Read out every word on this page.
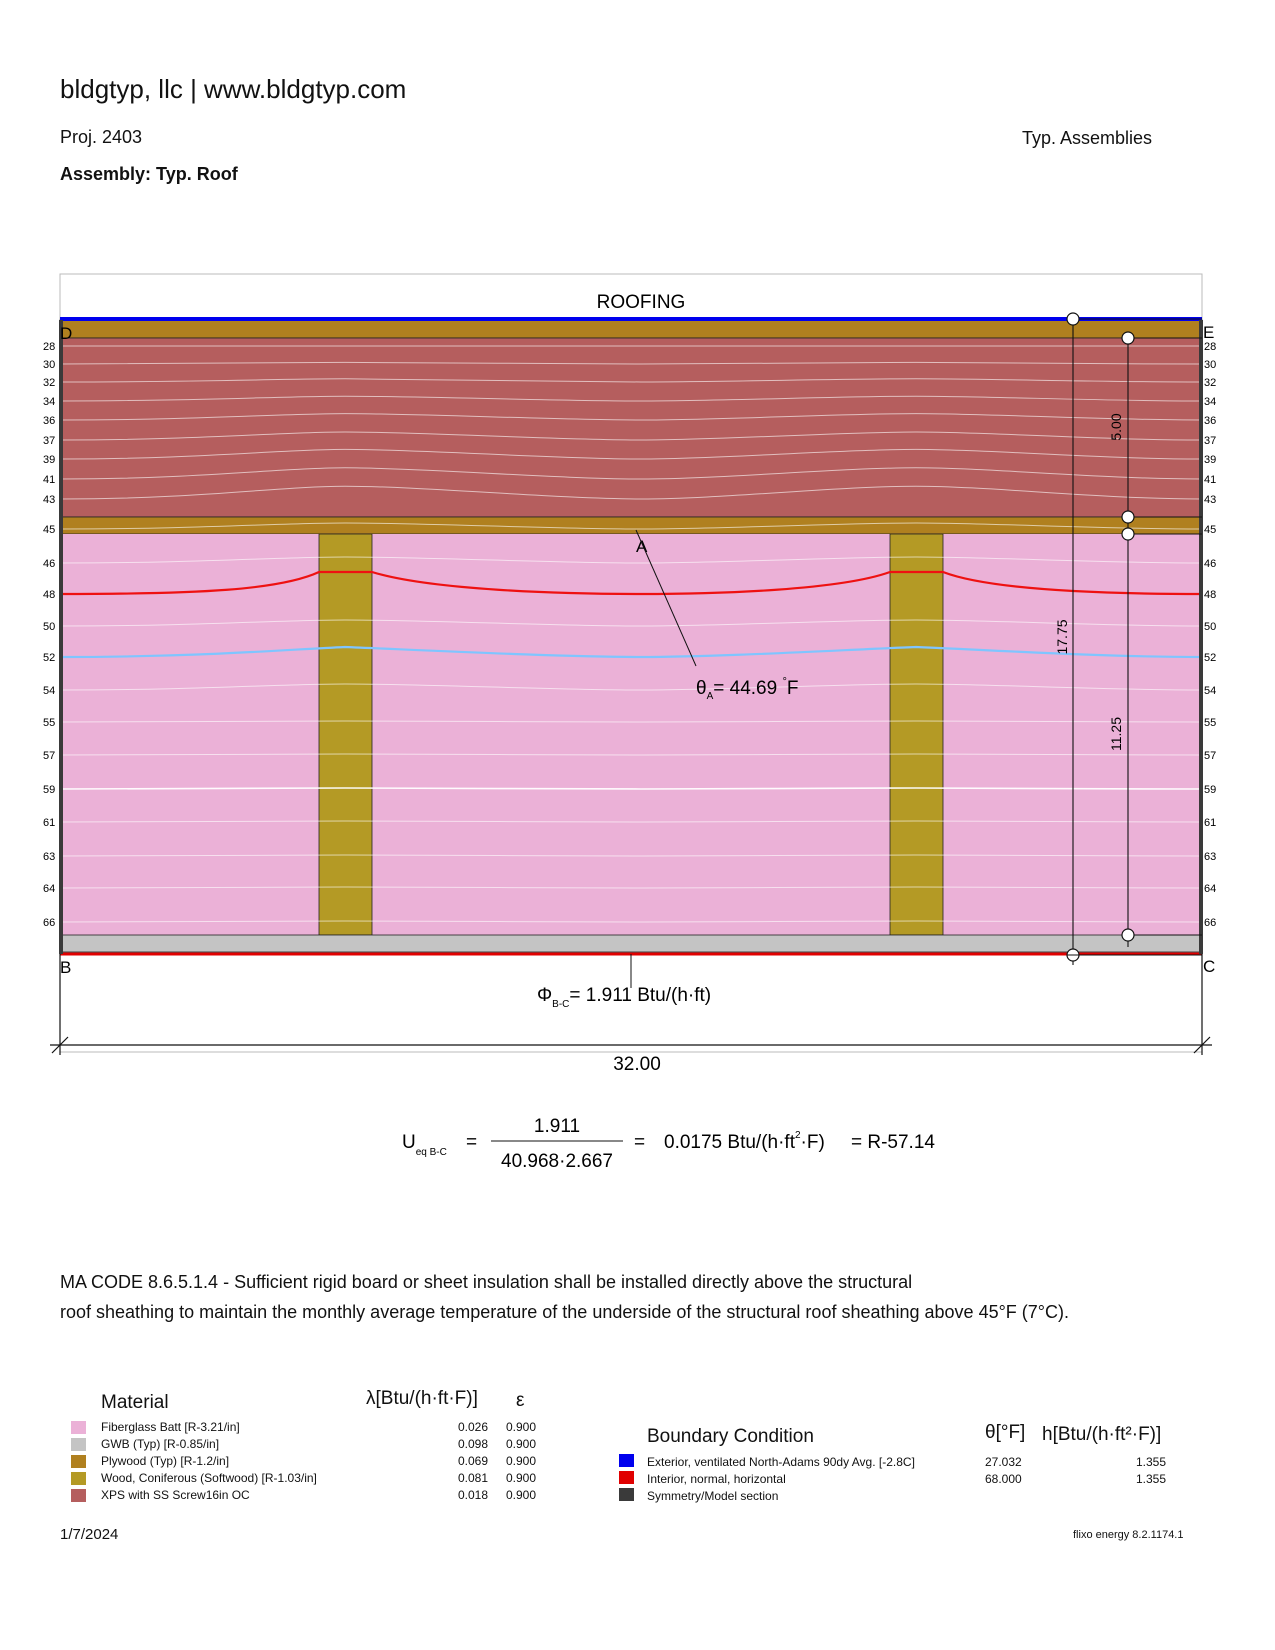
bldgtyp, llc | www.bldgtyp.com
Proj. 2403	Typ. Assemblies
Assembly: Typ. Roof
ROOFING
28
30
32
34
36
37
39
41
43
45
46
48
50
52
54
55
57
59
61
63
64
66
28
30
32
34
36
37
39
41
43
45
46
48
50
52
54
55
57
59
61
63
64
66
D	E
B	C
A
$\theta_A= 44.69$ °F
$\Phi_{B-C}= 1.911$ Btu/(h·ft)
32.00
17.75
5.00
11.25
$U_{eq B-C}$ =
1.911
40.968·2.667
= 0.0175 Btu/$(h\cdot ft^2\cdot F) = R-57.14$
MA CODE 8.6.5.1.4 - Sufficient rigid board or sheet insulation shall be installed directly above the structural
roof sheathing to maintain the monthly average temperature of the underside of the structural roof sheathing above 45°F (7°C).
Material	λ[Btu/(h·ft·F)] ε
Fiberglass Batt [R-3.21/in]	0.026 0.900
GWB (Typ) [R-0.85/in]	0.098 0.900
Plywood (Typ) [R-1.2/in]	0.069 0.900
Wood, Coniferous (Softwood) [R-1.03/in]	0.081 0.900
XPS with SS Screw16in OC	0.018 0.900
Boundary Condition	θ[°F] h[Btu/(h·ft²·F)]
Exterior, ventilated North-Adams 90dy Avg. [-2.8C]	27.032	1.355
Interior, normal, horizontal	68.000	1.355
Symmetry/Model section
1/7/2024	flixo energy 8.2.1174.1
